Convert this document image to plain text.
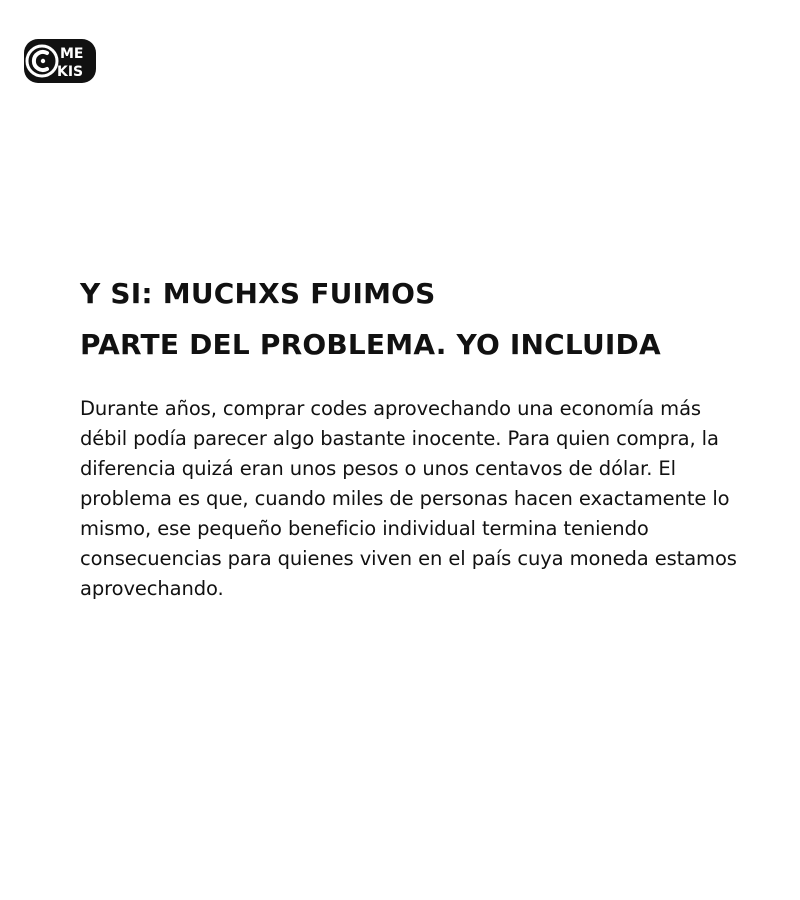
ME
KIS
Y SI: MUCHXS FUIMOS
PARTE DEL PROBLEMA. YO INCLUIDA

Durante años, comprar codes aprovechando una economía más débil podía parecer algo bastante inocente. Para quien compra, la diferencia quizá eran unos pesos o unos centavos de dólar. El problema es que, cuando miles de personas hacen exactamente lo mismo, ese pequeño beneficio individual termina teniendo consecuencias para quienes viven en el país cuya moneda estamos aprovechando.
